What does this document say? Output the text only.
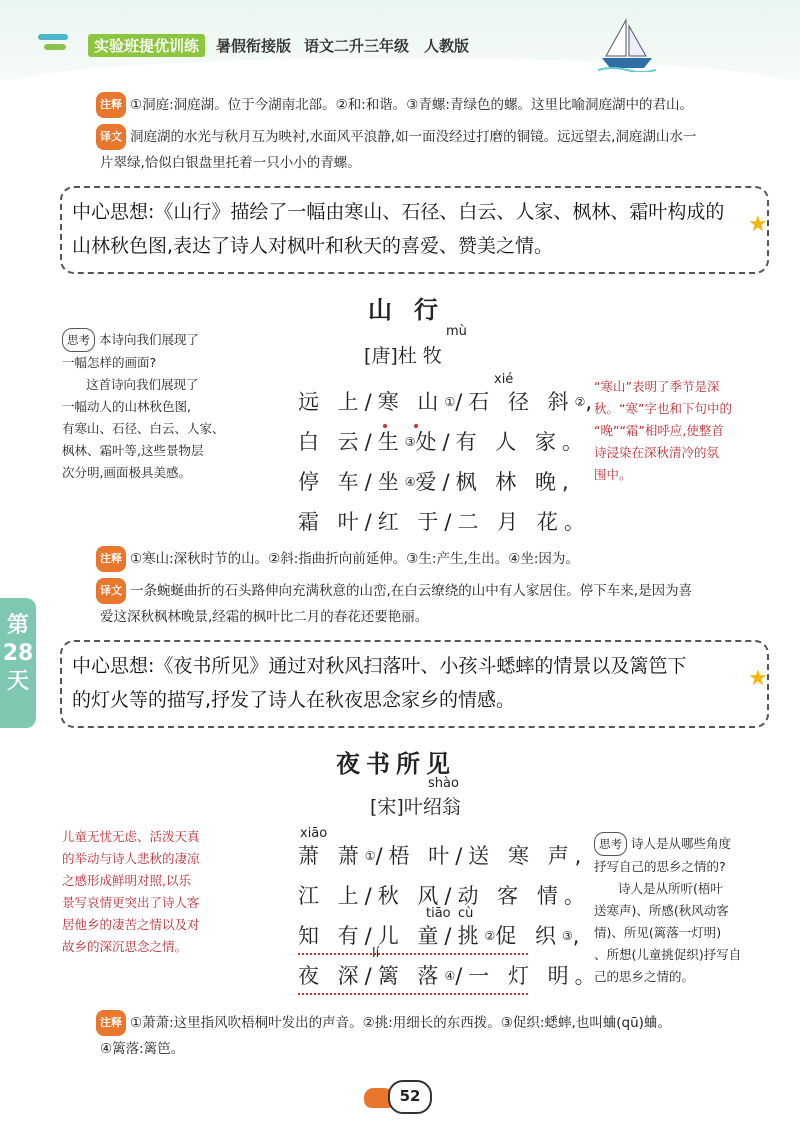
实验班提优训练	暑假衔接版 语文二升三年级 人教版
注释 ①洞庭:洞庭湖。位于今湖南北部。②和:和谐。③青螺:青绿色的螺。这里比喻洞庭湖中的君山。
译文 洞庭湖的水光与秋月互为映衬,水面风平浪静,如一面没经过打磨的铜镜。远远望去,洞庭湖山水一
片翠绿,恰似白银盘里托着一只小小的青螺。
中心思想:《山行》描绘了一幅由寒山、石径、白云、人家、枫林、霜叶构成的
山林秋色图,表达了诗人对枫叶和秋天的喜爱、赞美之情。
★
山行
mù
[唐]杜 牧
xié
远 上/寒 山①/石 径 斜②,
白 云/生③处/有 人 家。
停 车/坐④爱/枫 林 晚,
霜 叶/红 于/二 月 花。
思考 本诗向我们展现了
一幅怎样的画面?
这首诗向我们展现了
一幅动人的山林秋色图,
有寒山、石径、白云、人家、
枫林、霜叶等,这些景物层
次分明,画面极具美感。
“寒山”表明了季节是深
秋。“寒”字也和下句中的
“晚”“霜”相呼应,使整首
诗浸染在深秋清冷的氛
围中。
注释 ①寒山:深秋时节的山。②斜:指曲折向前延伸。③生:产生,生出。④坐:因为。
译文 一条蜿蜒曲折的石头路伸向充满秋意的山峦,在白云缭绕的山中有人家居住。停下车来,是因为喜
爱这深秋枫林晚景,经霜的枫叶比二月的春花还要艳丽。
第
28
天
中心思想:《夜书所见》通过对秋风扫落叶、小孩斗蟋蟀的情景以及篱笆下
的灯火等的描写,抒发了诗人在秋夜思念家乡的情感。
★
夜书所见
shào
[宋]叶绍翁
xiāo
萧 萧①/梧 叶/送 寒 声,
江 上/秋 风/动 客 情。
tiāo cù
知 有/儿 童/挑②促 织③,
lí
夜 深/篱 落④/一 灯 明。
儿童无忧无虑、活泼天真
的举动与诗人悲秋的凄凉
之感形成鲜明对照,以乐
景写哀情更突出了诗人客
居他乡的凄苦之情以及对
故乡的深沉思念之情。
思考 诗人是从哪些角度
抒写自己的思乡之情的?
诗人是从所听(梧叶
送寒声)、所感(秋风动客
情)、所见(篱落一灯明)
、所想(儿童挑促织)抒写自
己的思乡之情的。
注释 ①萧萧:这里指风吹梧桐叶发出的声音。②挑:用细长的东西拨。③促织:蟋蟀,也叫蛐(qū)蛐。
④篱落:篱笆。
52
